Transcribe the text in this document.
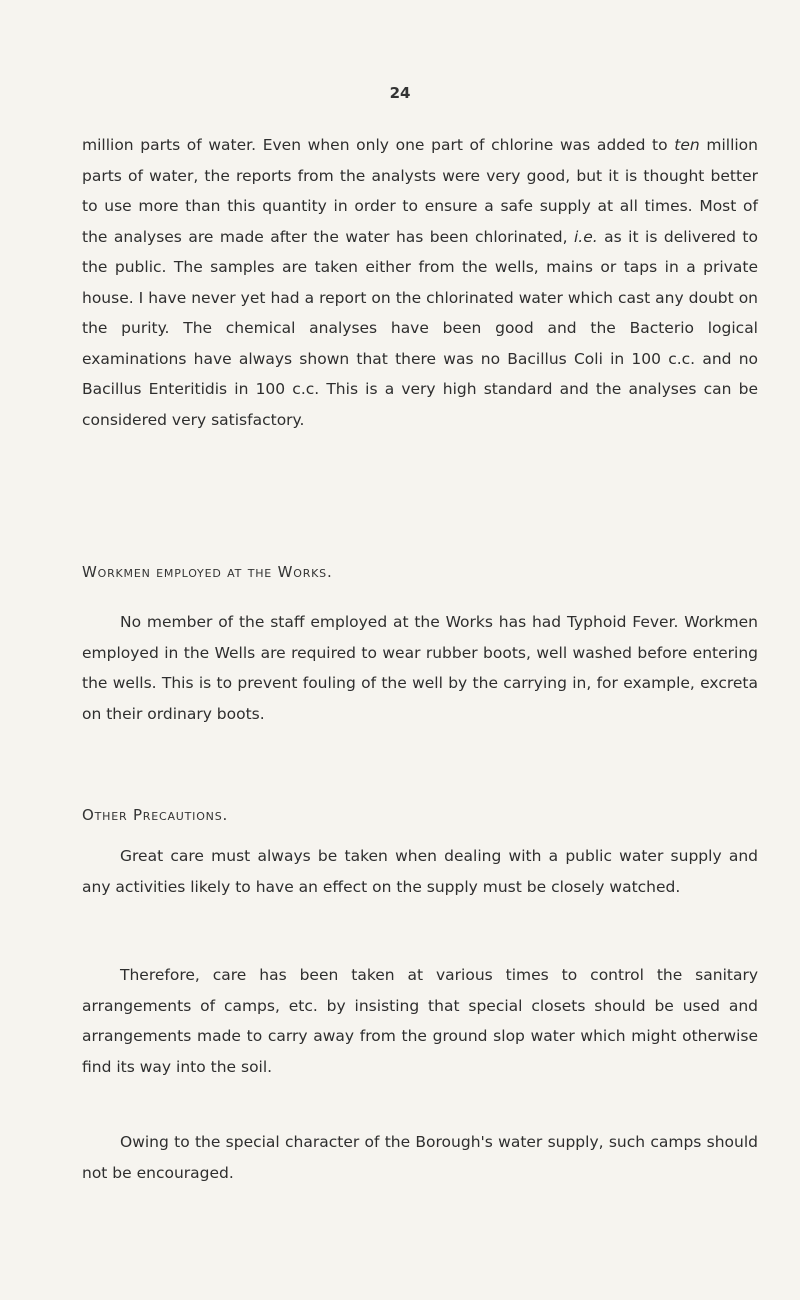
24

million parts of water. Even when only one part of chlorine was added to ten million parts of water, the reports from the analysts were very good, but it is thought better to use more than this quantity in order to ensure a safe supply at all times. Most of the analyses are made after the water has been chlorinated, i.e. as it is delivered to the public. The samples are taken either from the wells, mains or taps in a private house. I have never yet had a report on the chlorinated water which cast any doubt on the purity. The chemical analyses have been good and the Bacterio logical examinations have always shown that there was no Bacillus Coli in 100 c.c. and no Bacillus Enteritidis in 100 c.c. This is a very high standard and the analyses can be considered very satisfactory.

Workmen employed at the Works.

No member of the staff employed at the Works has had Typhoid Fever. Workmen employed in the Wells are required to wear rubber boots, well washed before entering the wells. This is to prevent fouling of the well by the carrying in, for example, excreta on their ordinary boots.

Other Precautions.

Great care must always be taken when dealing with a public water supply and any activities likely to have an effect on the supply must be closely watched.

Therefore, care has been taken at various times to control the sanitary arrangements of camps, etc. by insisting that special closets should be used and arrangements made to carry away from the ground slop water which might otherwise find its way into the soil.

Owing to the special character of the Borough's water supply, such camps should not be encouraged.
